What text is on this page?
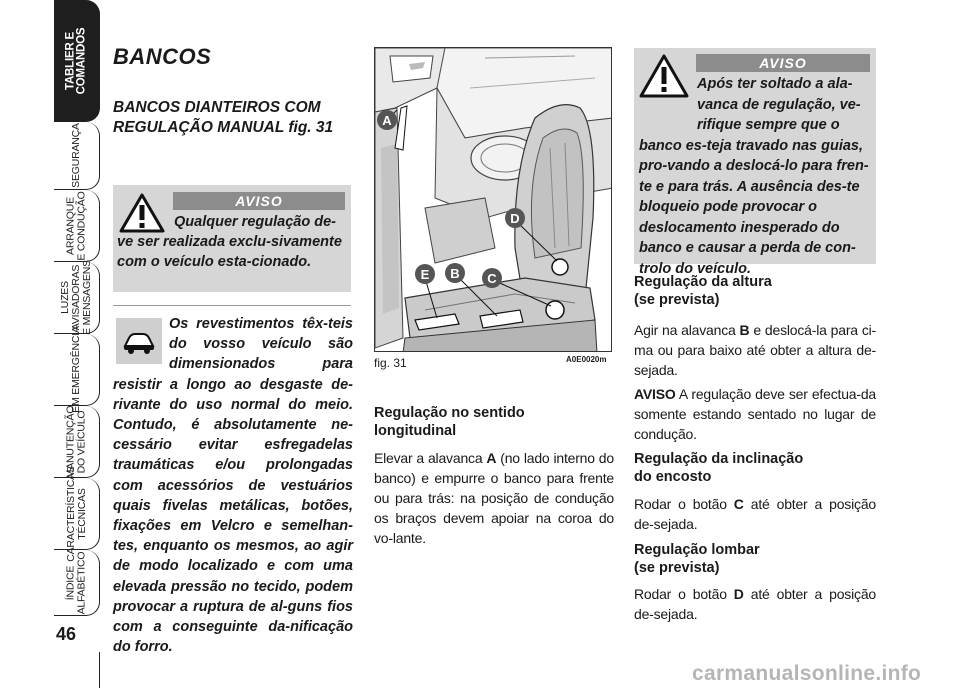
TABLIER E
COMANDOS
SEGURANÇA
ARRANQUE
E CONDUÇÃO
LUZES
AVISADORAS
E MENSAGENS
EM EMERGÊNCIA
MANUTENÇÃO
DO VEÍCULO
CARACTERÍSTICAS
TÉCNICAS
ÍNDICE
ALFABÉTICO
46
BANCOS
BANCOS DIANTEIROS COM REGULAÇÃO MANUAL fig. 31
AVISO
Qualquer regulação de-ve ser realizada exclu-sivamente com o veículo esta-cionado.
Os revestimentos têx-teis do vosso veículo são dimensionados para resistir a longo ao desgaste de-rivante do uso normal do meio. Contudo, é absolutamente ne-cessário evitar esfregadelas traumáticas e/ou prolongadas com acessórios de vestuários quais fivelas metálicas, botões, fixações em Velcro e semelhan-tes, enquanto os mesmos, ao agir de modo localizado e com uma elevada pressão no tecido, podem provocar a ruptura de al-guns fios com a conseguinte da-nificação do forro.
A
D
E B C
fig. 31	A0E0020m
Regulação no sentido
longitudinal
Elevar a alavanca A (no lado interno do banco) e empurre o banco para frente ou para trás: na posição de condução os braços devem apoiar na coroa do vo-lante.
AVISO
Após ter soltado a ala-vanca de regulação, ve-rifique sempre que o banco es-teja travado nas guias, pro-vando a deslocá-lo para fren-te e para trás. A ausência des-te bloqueio pode provocar o deslocamento inesperado do banco e causar a perda de con-trolo do veículo.
Regulação da altura
(se prevista)
Agir na alavanca B e deslocá-la para ci-ma ou para baixo até obter a altura de-sejada.
AVISO A regulação deve ser efectua-da somente estando sentado no lugar de condução.
Regulação da inclinação
do encosto
Rodar o botão C até obter a posição de-sejada.
Regulação lombar
(se prevista)
Rodar o botão D até obter a posição de-sejada.
carmanualsonline.info
